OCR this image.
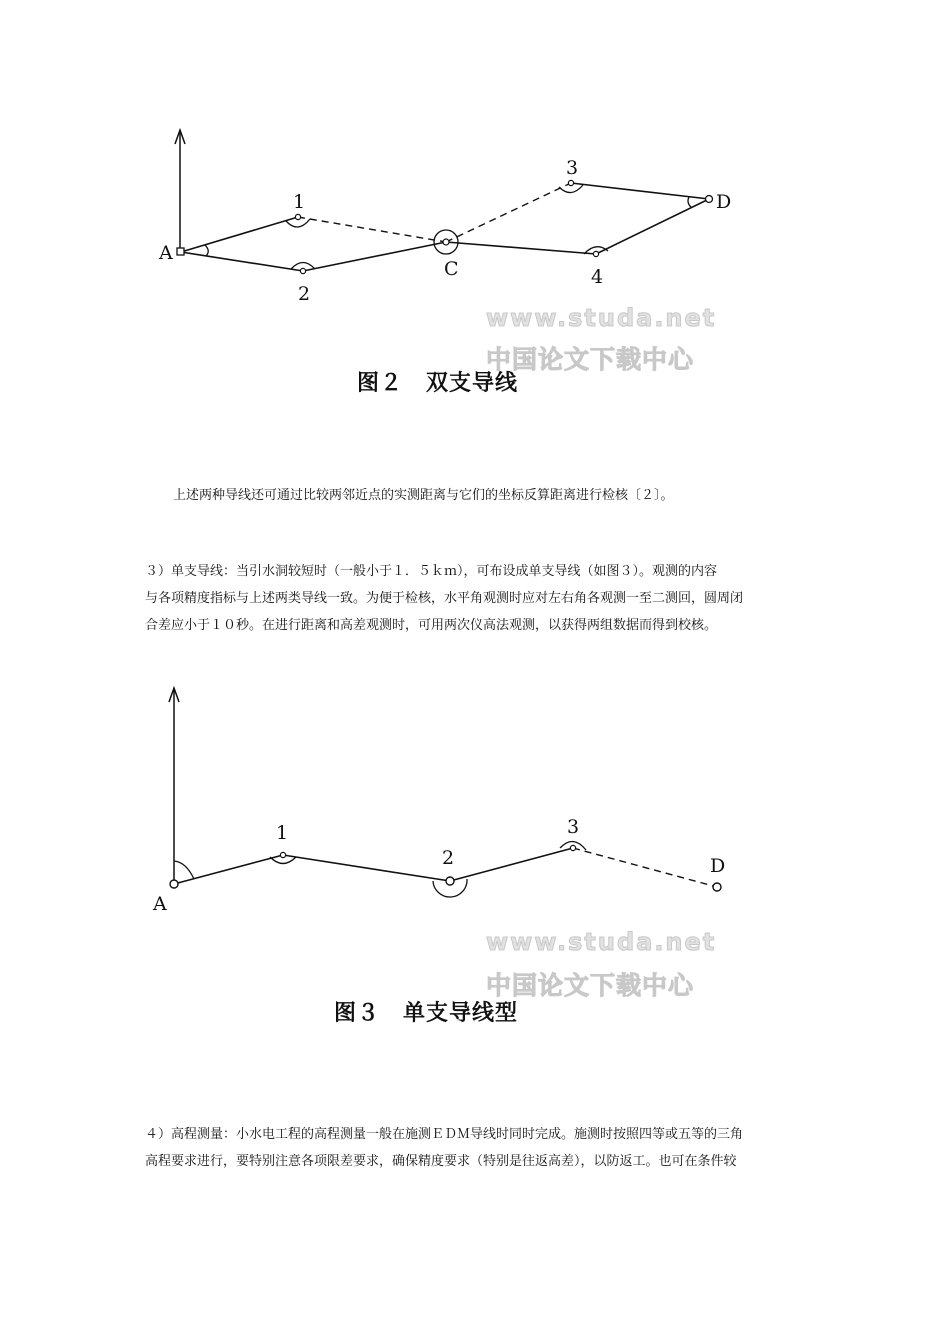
A
1
2
C
3
4
D
www.studa.net
中国论文下载中心
图２　双支导线

上述两种导线还可通过比较两邻近点的实测距离与它们的坐标反算距离进行检核〔２〕。

３）单支导线：当引水洞较短时（一般小于１．５ｋｍ），可布设成单支导线（如图３）。观测的内容
与各项精度指标与上述两类导线一致。为便于检核，水平角观测时应对左右角各观测一至二测回，圆周闭
合差应小于１０秒。在进行距离和高差观测时，可用两次仪高法观测，以获得两组数据而得到校核。

A
1
2
3
D
www.studa.net
中国论文下载中心
图３　单支导线型

４）高程测量：小水电工程的高程测量一般在施测ＥＤＭ导线时同时完成。施测时按照四等或五等的三角
高程要求进行，要特别注意各项限差要求，确保精度要求（特别是往返高差），以防返工。也可在条件较
